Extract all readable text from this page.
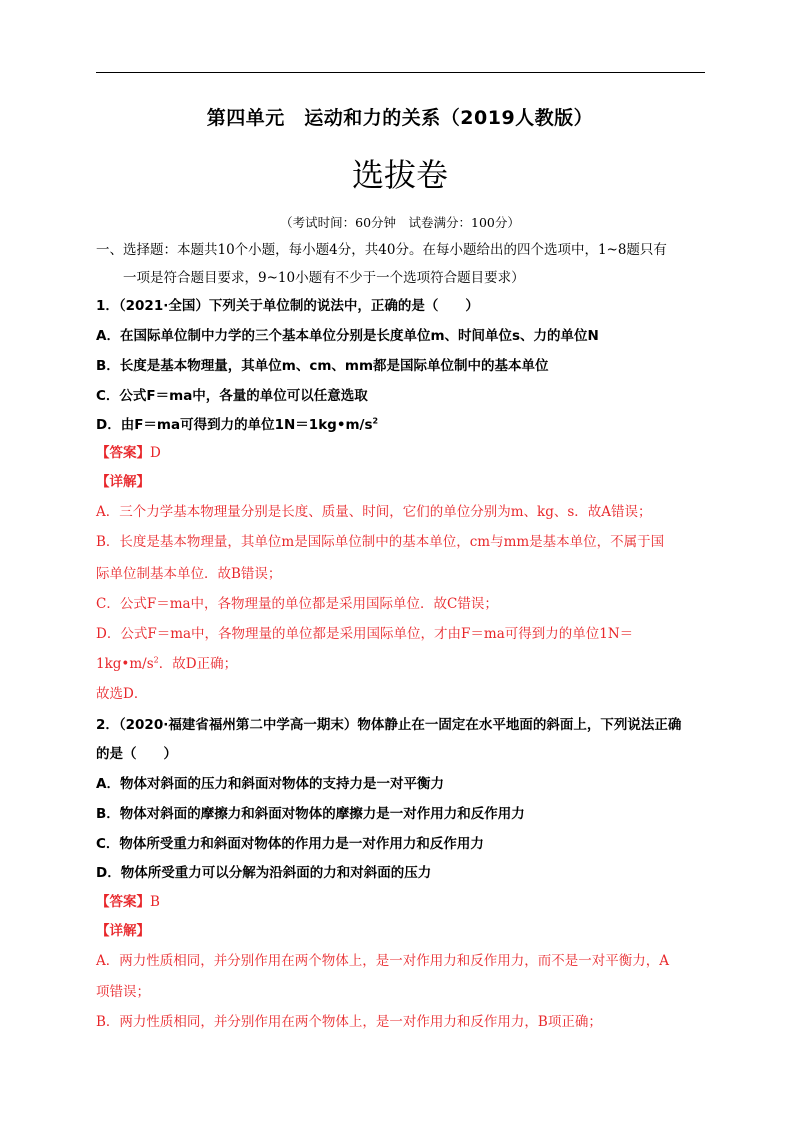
第四单元　运动和力的关系（2019人教版）
选拔卷
（考试时间：60分钟　试卷满分：100分）
一、选择题：本题共10个小题，每小题4分，共40分。在每小题给出的四个选项中，1~8题只有
一项是符合题目要求，9~10小题有不少于一个选项符合题目要求）
1．（2021·全国）下列关于单位制的说法中，正确的是（　　）
A．在国际单位制中力学的三个基本单位分别是长度单位m、时间单位s、力的单位N
B．长度是基本物理量，其单位m、cm、mm都是国际单位制中的基本单位
C．公式F＝ma中，各量的单位可以任意选取
D．由F＝ma可得到力的单位$1N=1kg•m/s^2$
【答案】D
【详解】
A．三个力学基本物理量分别是长度、质量、时间，它们的单位分别为m、kg、s．故A错误；
B．长度是基本物理量，其单位m是国际单位制中的基本单位，cm与mm是基本单位，不属于国
际单位制基本单位．故B错误；
C．公式F＝ma中，各物理量的单位都是采用国际单位．故C错误；
D．公式F＝ma中，各物理量的单位都是采用国际单位，才由F＝ma可得到力的单位1N＝
$1kg•m/s^2$．故D正确；
故选D．
2．（2020·福建省福州第二中学高一期末）物体静止在一固定在水平地面的斜面上，下列说法正确
的是（　　）
A．物体对斜面的压力和斜面对物体的支持力是一对平衡力
B．物体对斜面的摩擦力和斜面对物体的摩擦力是一对作用力和反作用力
C．物体所受重力和斜面对物体的作用力是一对作用力和反作用力
D．物体所受重力可以分解为沿斜面的力和对斜面的压力
【答案】B
【详解】
A．两力性质相同，并分别作用在两个物体上，是一对作用力和反作用力，而不是一对平衡力，A
项错误；
B．两力性质相同，并分别作用在两个物体上，是一对作用力和反作用力，B项正确；
